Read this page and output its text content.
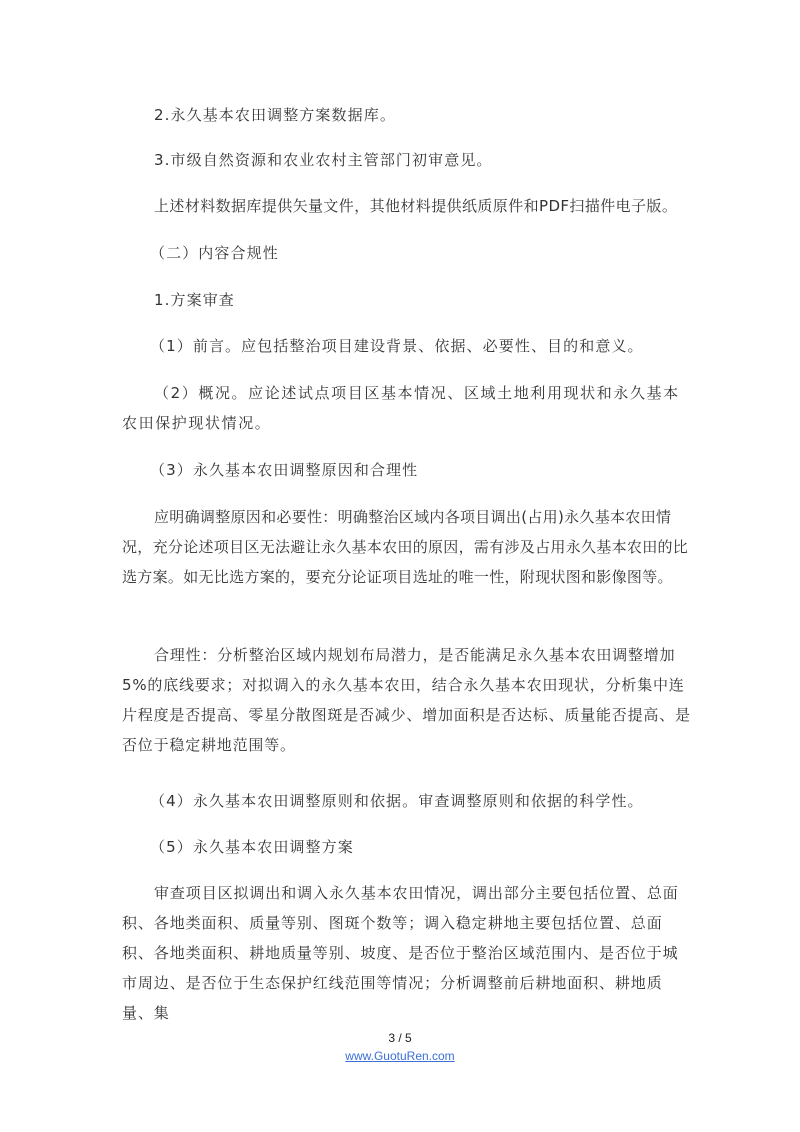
2.永久基本农田调整方案数据库。

3.市级自然资源和农业农村主管部门初审意见。

上述材料数据库提供矢量文件，其他材料提供纸质原件和PDF扫描件电子版。

（二）内容合规性

1.方案审查

（1）前言。应包括整治项目建设背景、依据、必要性、目的和意义。

（2）概况。应论述试点项目区基本情况、区域土地利用现状和永久基本农田保护现状情况。

（3）永久基本农田调整原因和合理性

应明确调整原因和必要性：明确整治区域内各项目调出(占用)永久基本农田情况，充分论述项目区无法避让永久基本农田的原因，需有涉及占用永久基本农田的比选方案。如无比选方案的，要充分论证项目选址的唯一性，附现状图和影像图等。

合理性：分析整治区域内规划布局潜力，是否能满足永久基本农田调整增加5%的底线要求；对拟调入的永久基本农田，结合永久基本农田现状，分析集中连片程度是否提高、零星分散图斑是否减少、增加面积是否达标、质量能否提高、是否位于稳定耕地范围等。

（4）永久基本农田调整原则和依据。审查调整原则和依据的科学性。

（5）永久基本农田调整方案

审查项目区拟调出和调入永久基本农田情况，调出部分主要包括位置、总面积、各地类面积、质量等别、图斑个数等；调入稳定耕地主要包括位置、总面积、各地类面积、耕地质量等别、坡度、是否位于整治区域范围内、是否位于城市周边、是否位于生态保护红线范围等情况；分析调整前后耕地面积、耕地质量、集

3 / 5
www.GuotuRen.com
